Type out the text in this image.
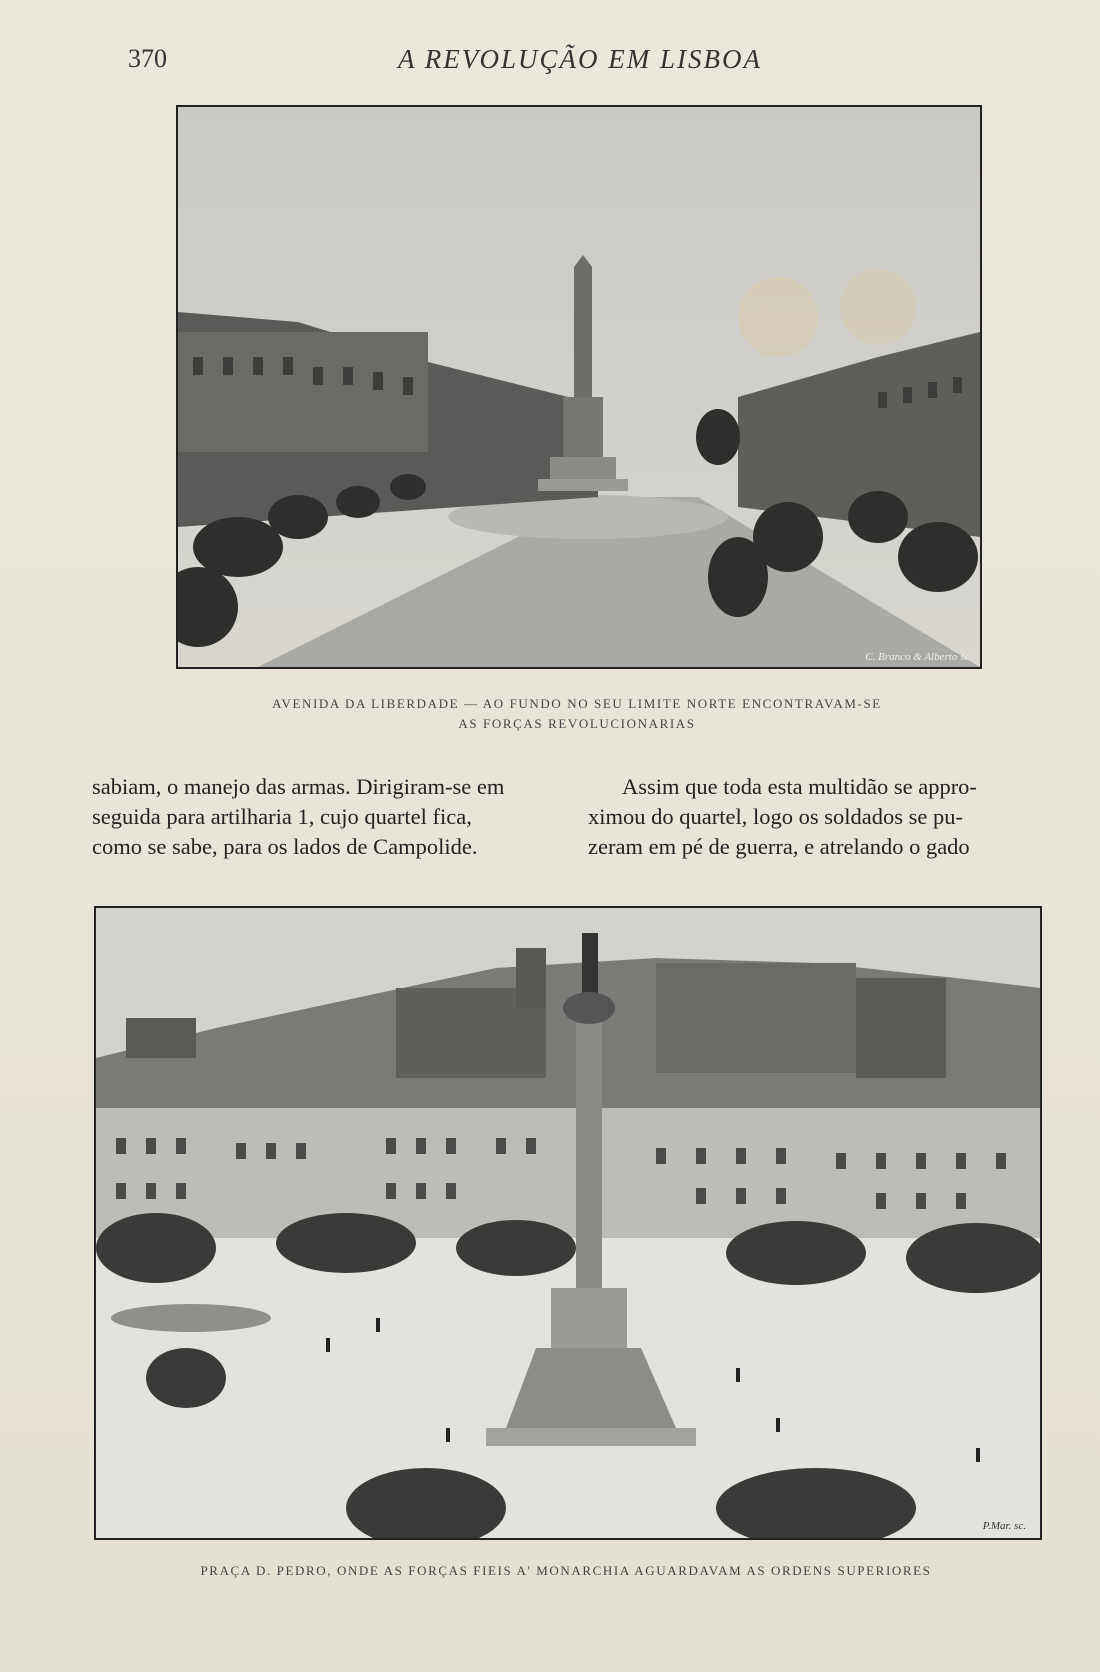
370	A REVOLUÇÃO EM LISBOA
C. Branco & Alberto sc.
AVENIDA DA LIBERDADE — AO FUNDO NO SEU LIMITE NORTE ENCONTRAVAM-SE
AS FORÇAS REVOLUCIONARIAS

sabiam, o manejo das armas. Dirigiram-se em

seguida para artilharia 1, cujo quartel fica,

como se sabe, para os lados de Campolide.

Assim que toda esta multidão se appro-

ximou do quartel, logo os soldados se pu-

zeram em pé de guerra, e atrelando o gado

P.Mar. sc.
PRAÇA D. PEDRO, ONDE AS FORÇAS FIEIS A' MONARCHIA AGUARDAVAM AS ORDENS SUPERIORES
